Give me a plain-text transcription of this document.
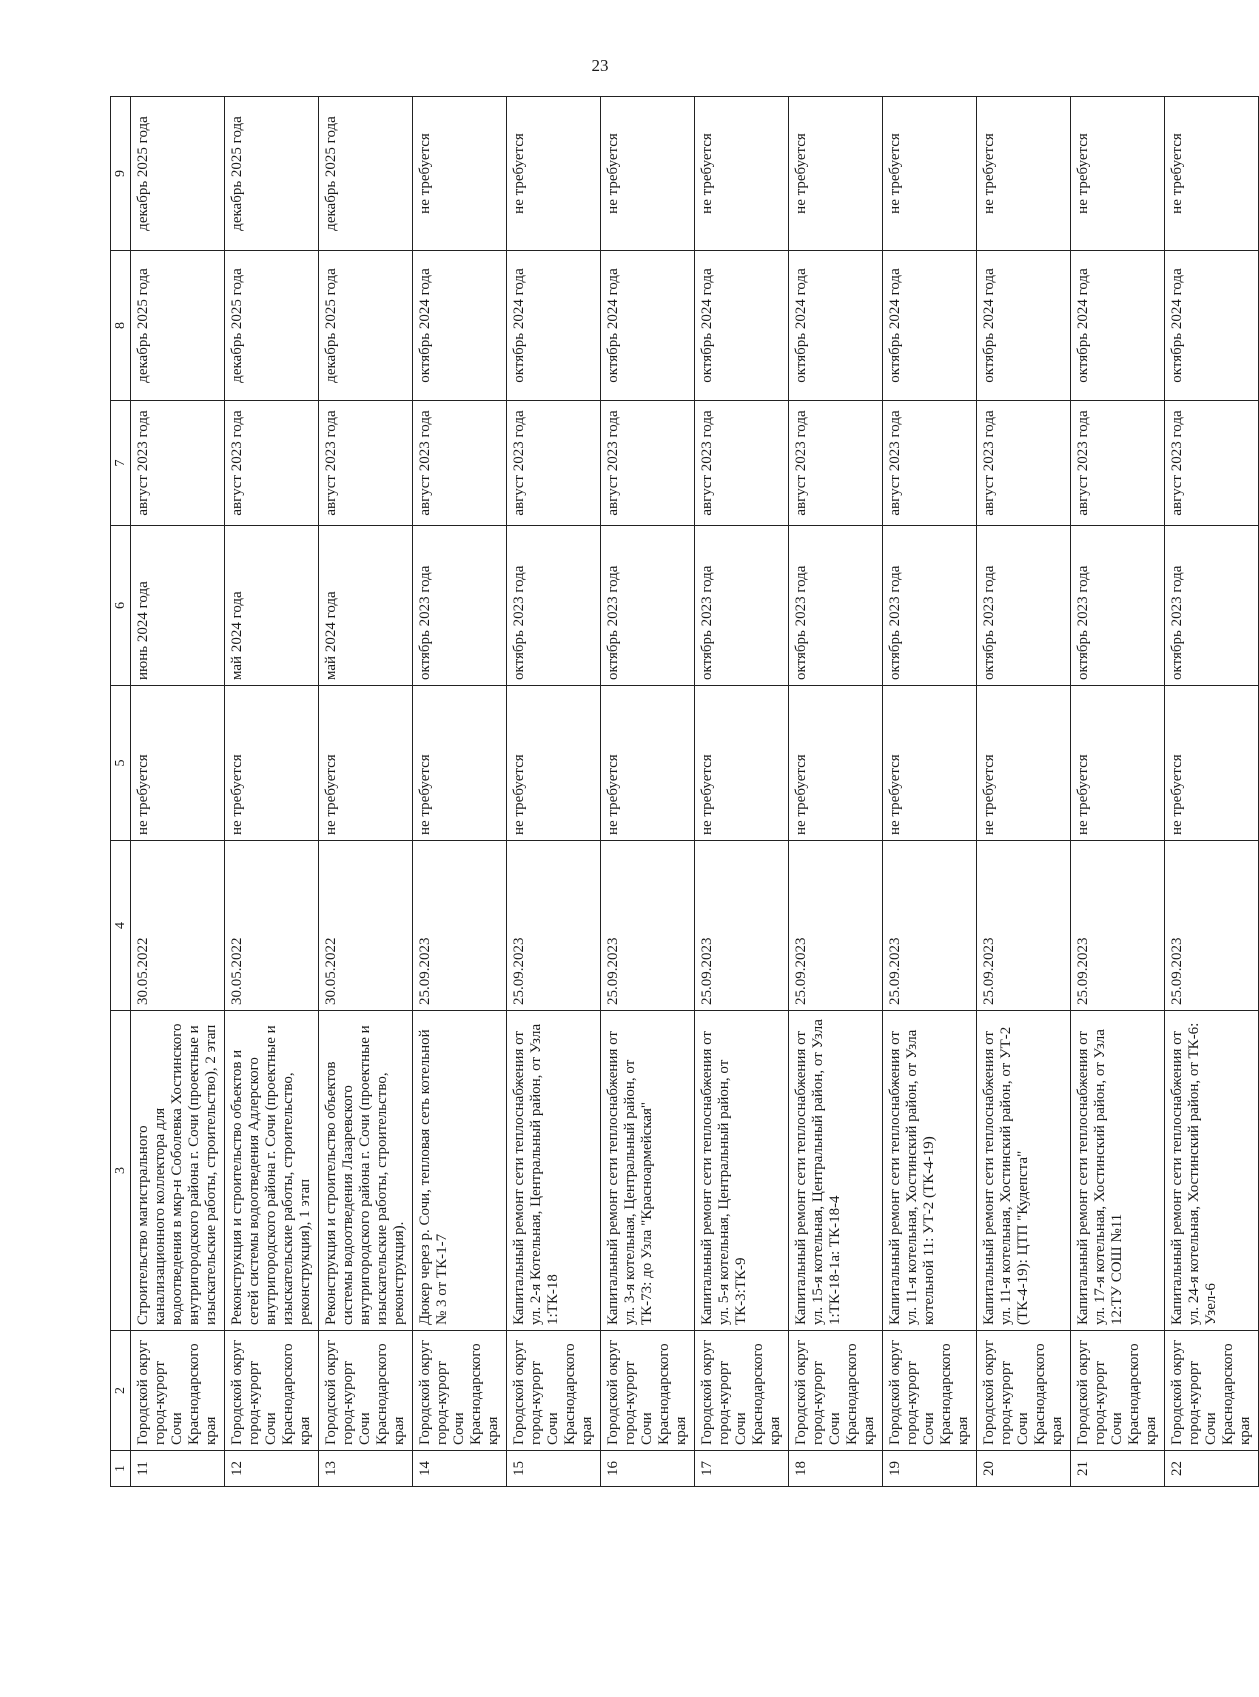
23
1	2	3	4	5	6	7	8	9
11	Городской округ город-курорт Сочи Краснодарского края	Строительство магистрального канализационного коллектора для водоотведения в мкр-н Соболевка Хостинского внутригородского района г. Сочи (проектные и изыскательские работы, строительство), 2 этап	30.05.2022	не требуется	июнь 2024 года	август 2023 года	декабрь 2025 года	декабрь 2025 года
12	Городской округ город-курорт Сочи Краснодарского края	Реконструкция и строительство объектов и сетей системы водоотведения Адлерского внутригородского района г. Сочи (проектные и изыскательские работы, строительство, реконструкция), 1 этап	30.05.2022	не требуется	май 2024 года	август 2023 года	декабрь 2025 года	декабрь 2025 года
13	Городской округ город-курорт Сочи Краснодарского края	Реконструкция и строительство объектов системы водоотведения Лазаревского внутригородского района г. Сочи (проектные и изыскательские работы, строительство, реконструкция).	30.05.2022	не требуется	май 2024 года	август 2023 года	декабрь 2025 года	декабрь 2025 года
14	Городской округ город-курорт Сочи Краснодарского края	Дюкер через р. Сочи, тепловая сеть котельной № 3 от ТК-1-7	25.09.2023	не требуется	октябрь 2023 года	август 2023 года	октябрь 2024 года	не требуется
15	Городской округ город-курорт Сочи Краснодарского края	Капитальный ремонт сети теплоснабжения от ул. 2-я Котельная, Центральный район, от Узла 1:ТК-18	25.09.2023	не требуется	октябрь 2023 года	август 2023 года	октябрь 2024 года	не требуется
16	Городской округ город-курорт Сочи Краснодарского края	Капитальный ремонт сети теплоснабжения от ул. 3-я котельная, Центральный район, от ТК-73: до Узла "Красноармейская"	25.09.2023	не требуется	октябрь 2023 года	август 2023 года	октябрь 2024 года	не требуется
17	Городской округ город-курорт Сочи Краснодарского края	Капитальный ремонт сети теплоснабжения от ул. 5-я котельная, Центральный район, от ТК-3:ТК-9	25.09.2023	не требуется	октябрь 2023 года	август 2023 года	октябрь 2024 года	не требуется
18	Городской округ город-курорт Сочи Краснодарского края	Капитальный ремонт сети теплоснабжения от ул. 15-я котельная, Центральный район, от Узла 1:ТК-18-1а: ТК-18-4	25.09.2023	не требуется	октябрь 2023 года	август 2023 года	октябрь 2024 года	не требуется
19	Городской округ город-курорт Сочи Краснодарского края	Капитальный ремонт сети теплоснабжения от ул. 11-я котельная, Хостинский район, от Узла котельной 11: УТ-2 (ТК-4-19)	25.09.2023	не требуется	октябрь 2023 года	август 2023 года	октябрь 2024 года	не требуется
20	Городской округ город-курорт Сочи Краснодарского края	Капитальный ремонт сети теплоснабжения от ул. 11-я котельная, Хостинский район, от УТ-2 (ТК-4-19): ЦТП "Кудепста"	25.09.2023	не требуется	октябрь 2023 года	август 2023 года	октябрь 2024 года	не требуется
21	Городской округ город-курорт Сочи Краснодарского края	Капитальный ремонт сети теплоснабжения от ул. 17-я котельная, Хостинский район, от Узла 12:ТУ СОШ №11	25.09.2023	не требуется	октябрь 2023 года	август 2023 года	октябрь 2024 года	не требуется
22	Городской округ город-курорт Сочи Краснодарского края	Капитальный ремонт сети теплоснабжения от ул. 24-я котельная, Хостинский район, от ТК-6: Узел-6	25.09.2023	не требуется	октябрь 2023 года	август 2023 года	октябрь 2024 года	не требуется
